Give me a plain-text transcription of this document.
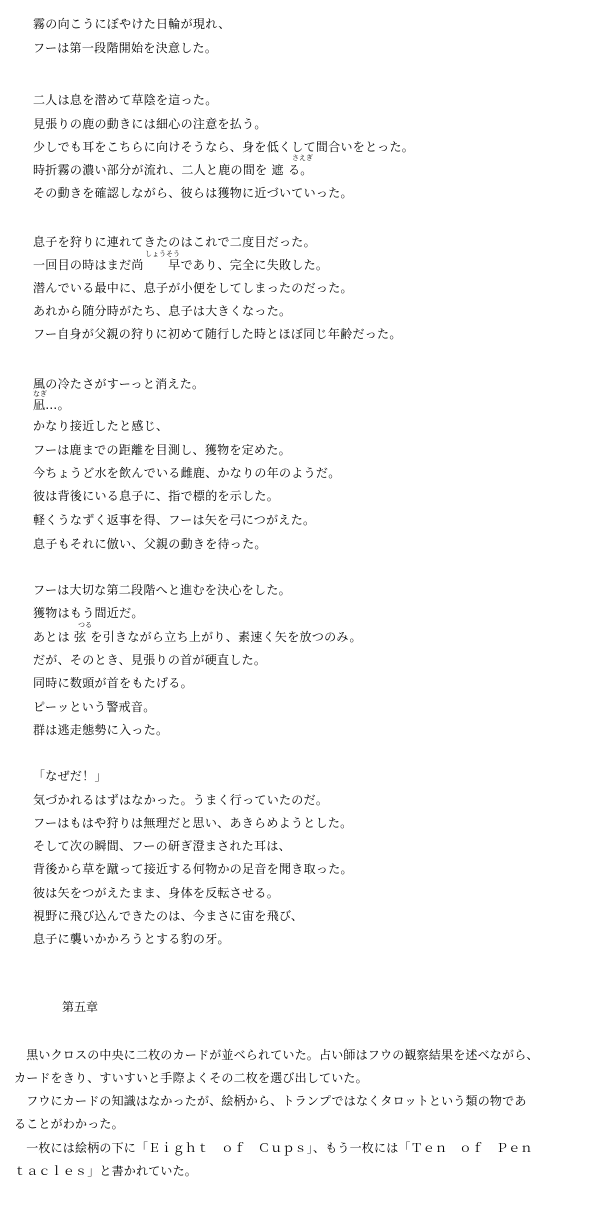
霧の向こうにぼやけた日輪が現れ、
フーは第一段階開始を決意した。
二人は息を潜めて草陰を這った。
見張りの鹿の動きには細心の注意を払う。
少しでも耳をこちらに向けそうなら、身を低くして間合いをとった。
さえぎ
時折霧の濃い部分が流れ、二人と鹿の間を 遮 る。
その動きを確認しながら、彼らは獲物に近づいていった。
息子を狩りに連れてきたのはこれで二度目だった。
しょうそう
一回目の時はまだ尚　　早であり、完全に失敗した。
潜んでいる最中に、息子が小便をしてしまったのだった。
あれから随分時がたち、息子は大きくなった。
フー自身が父親の狩りに初めて随行した時とほぼ同じ年齢だった。
風の冷たさがすーっと消えた。
なぎ
凪…。
かなり接近したと感じ、
フーは鹿までの距離を目測し、獲物を定めた。
今ちょうど水を飲んでいる雌鹿、かなりの年のようだ。
彼は背後にいる息子に、指で標的を示した。
軽くうなずく返事を得、フーは矢を弓につがえた。
息子もそれに倣い、父親の動きを待った。
フーは大切な第二段階へと進むを決心をした。
獲物はもう間近だ。
つる
あとは 弦 を引きながら立ち上がり、素速く矢を放つのみ。
だが、そのとき、見張りの首が硬直した。
同時に数頭が首をもたげる。
ピーッという警戒音。
群は逃走態勢に入った。
「なぜだ！」
気づかれるはずはなかった。うまく行っていたのだ。
フーはもはや狩りは無理だと思い、あきらめようとした。
そして次の瞬間、フーの研ぎ澄まされた耳は、
背後から草を蹴って接近する何物かの足音を聞き取った。
彼は矢をつがえたまま、身体を反転させる。
視野に飛び込んできたのは、今まさに宙を飛び、
息子に襲いかかろうとする豹の牙。
第五章
　黒いクロスの中央に二枚のカードが並べられていた。占い師はフウの観察結果を述べながら、
カードをきり、すいすいと手際よくその二枚を選び出していた。
　フウにカードの知識はなかったが、絵柄から、トランプではなくタロットという類の物であ
ることがわかった。
　一枚には絵柄の下に「Ｅｉｇｈｔ　ｏｆ　Ｃｕｐｓ」、もう一枚には「Ｔｅｎ　ｏｆ　Ｐｅｎ
ｔａｃｌｅｓ」と書かれていた。
